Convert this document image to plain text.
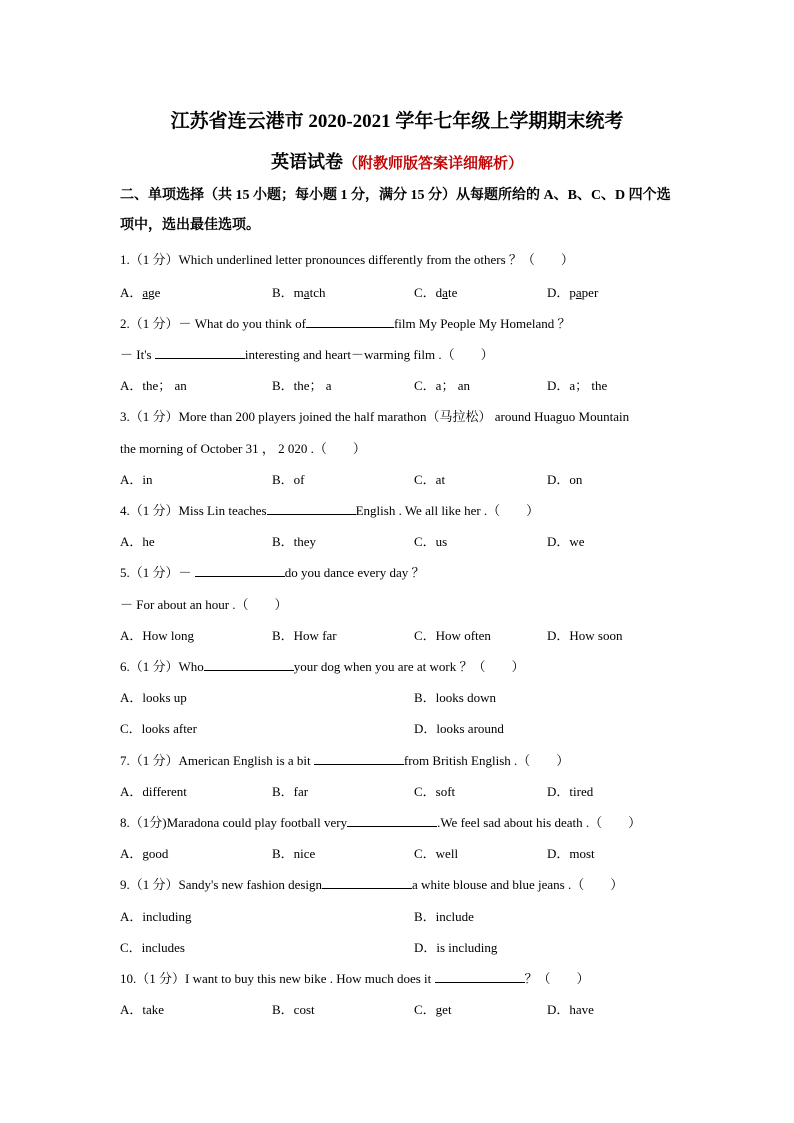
江苏省连云港市 2020-2021 学年七年级上学期期末统考
英语试卷（附教师版答案详细解析）
二、单项选择（共 15 小题；每小题 1 分，满分 15 分）从每题所给的 A、B、C、D 四个选项中，选出最佳选项。
1.（1 分）Which underlined letter pronounces differently from the others ？（　　）
A．age	B．match	C．date	D．paper
2.（1 分）－ What do you think of	film My People My Homeland ？
－ It's	interesting and heart－warming film .（　　）
A．the； an	B．the； a	C．a； an	D．a； the
3.（1 分）More than 200 players joined the half marathon（马拉松） around Huaguo Mountain
the morning of October 31 ， 2 020 .（　　）
A．in	B．of	C．at	D．on
4.（1 分）Miss Lin teaches	English . We all like her .（　　）
A．he	B．they	C．us	D．we
5.（1 分）－	do you dance every day ？
－ For about an hour .（　　）
A．How long	B．How far	C．How often	D．How soon
6.（1 分）Who	your dog when you are at work ？（　　）
A．looks up	B．looks down
C．looks after	D．looks around
7.（1 分）American English is a bit	from British English .（　　）
A．different	B．far	C．soft	D．tired
8.（1分)Maradona could play football very	.We feel sad about his death .（　　）
A．good	B．nice	C．well	D．most
9.（1 分）Sandy's new fashion design	a white blouse and blue jeans .（　　）
A．including	B．include
C．includes	D．is including
10.（1 分）I want to buy this new bike . How much does it	？（　　）
A．take	B．cost	C．get	D．have
